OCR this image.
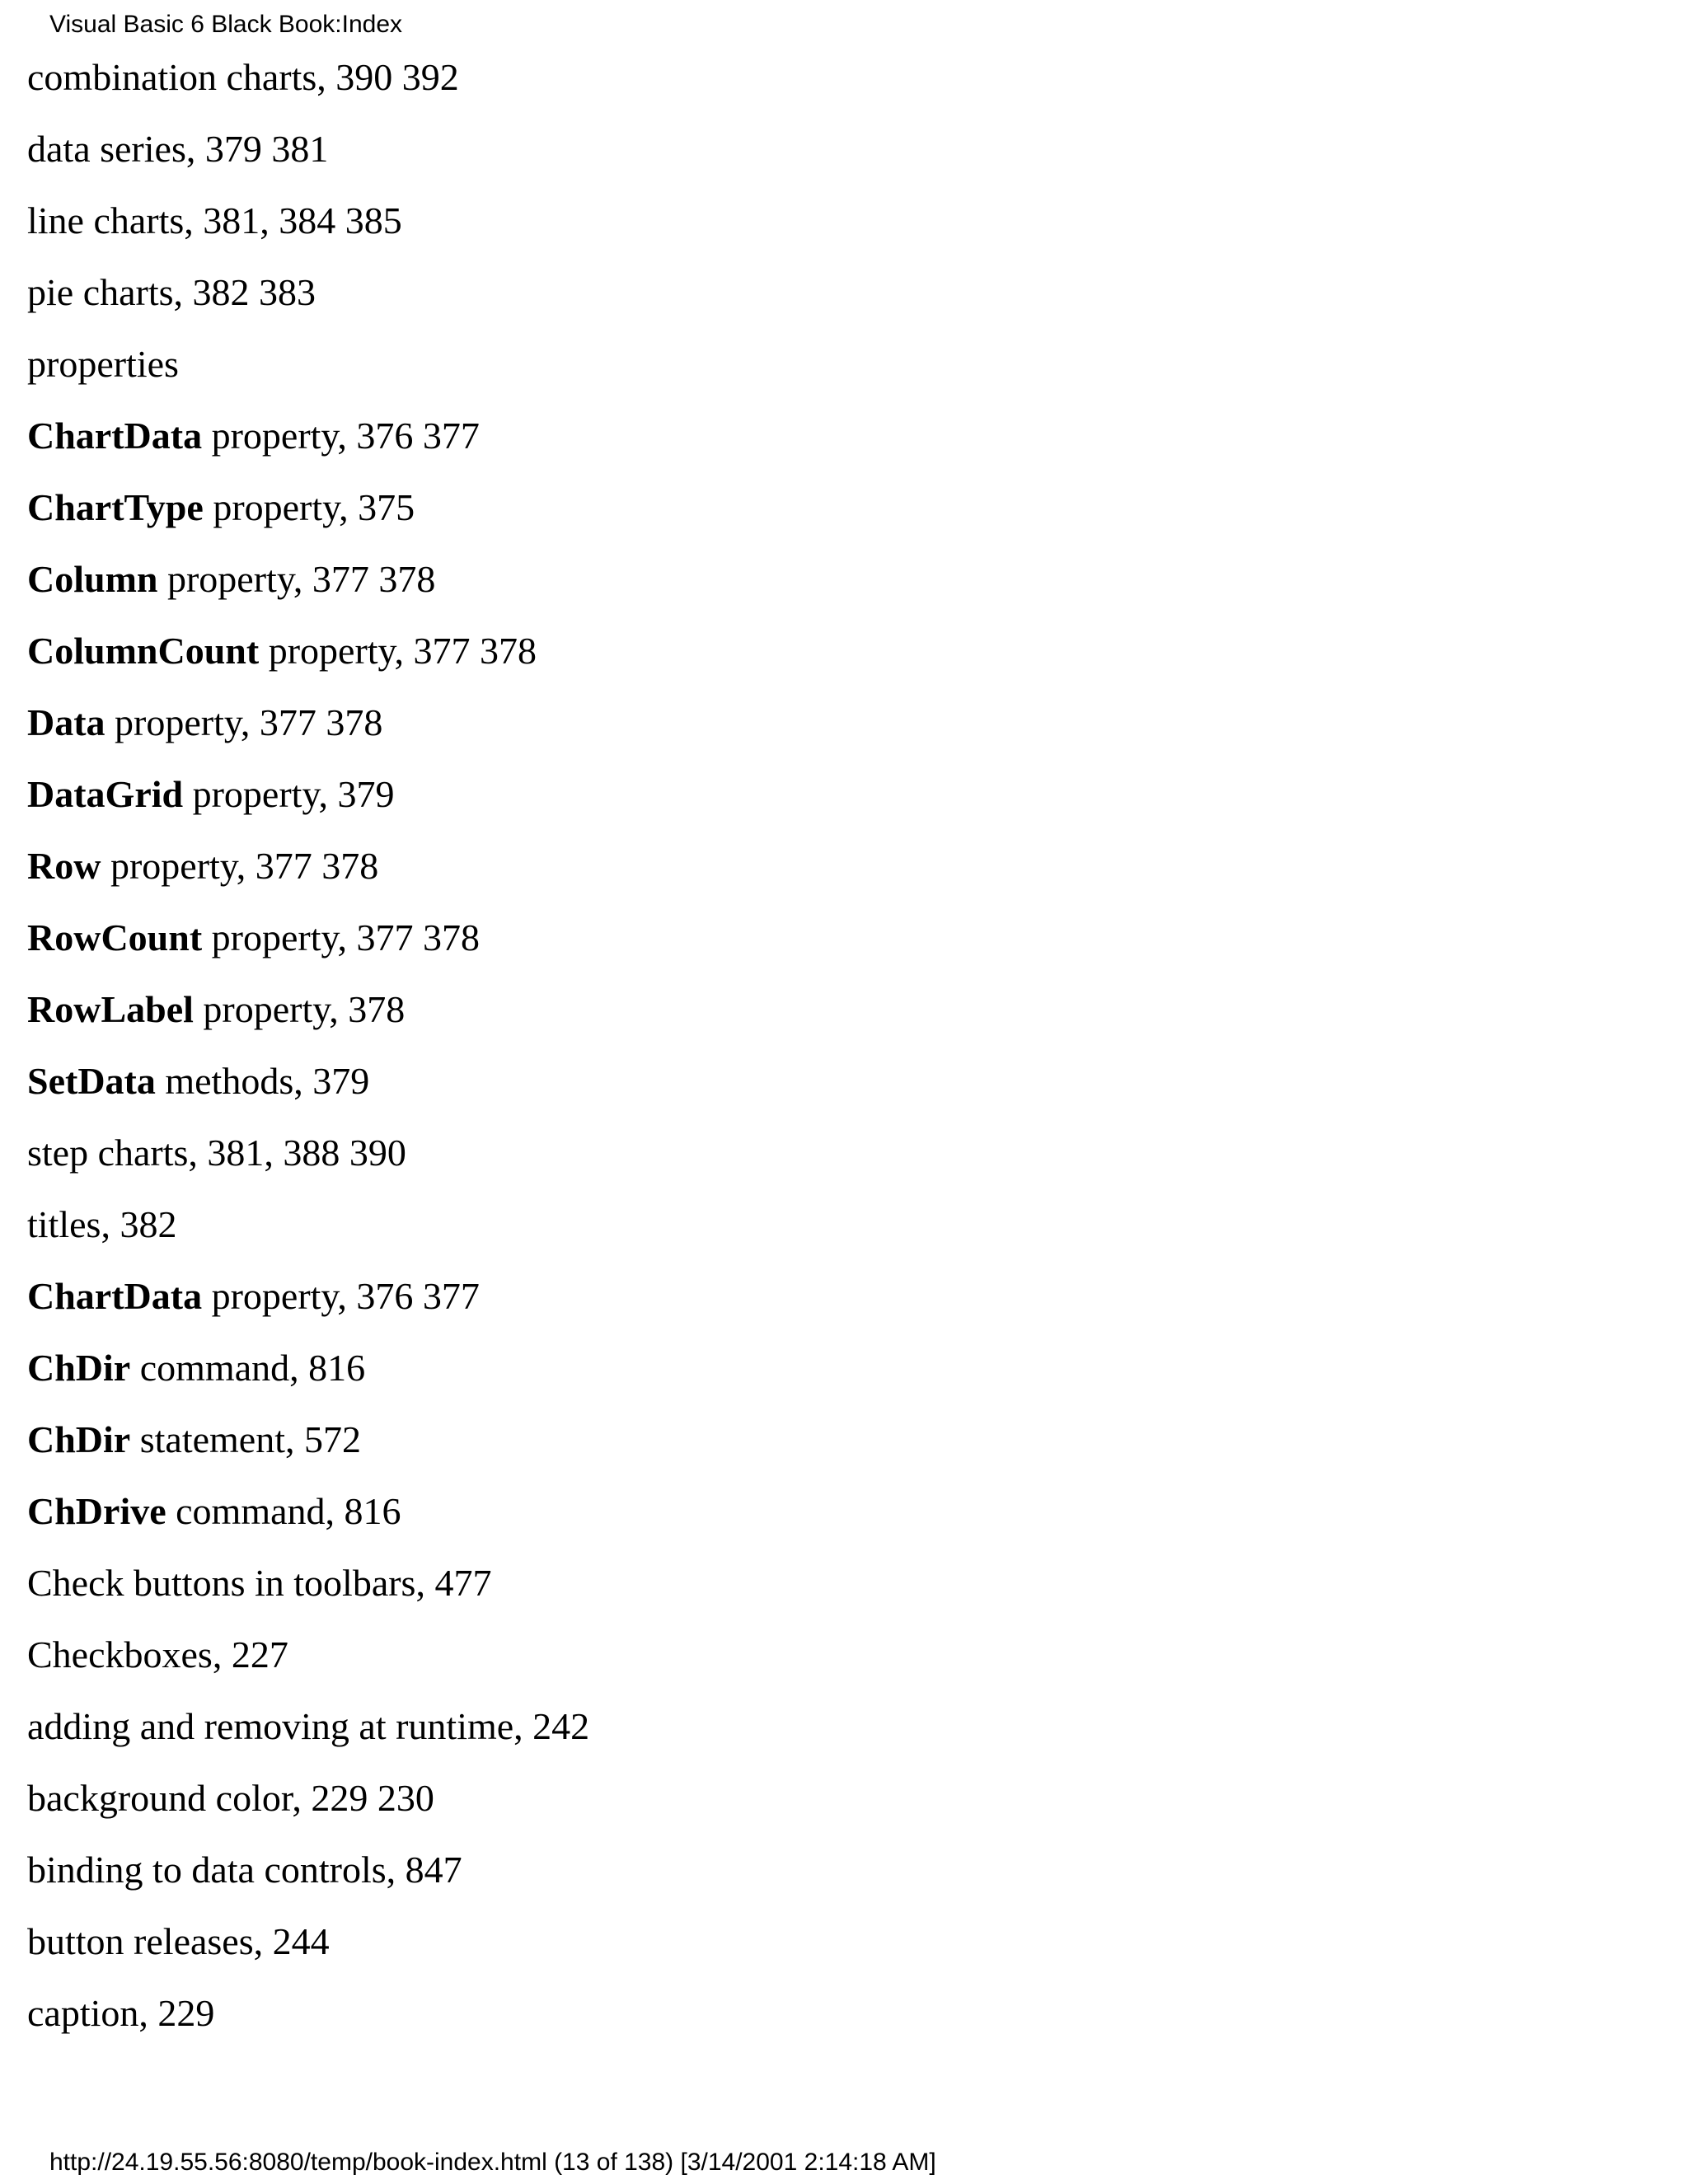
Visual Basic 6 Black Book:Index
combination charts, 390 392
data series, 379 381
line charts, 381, 384 385
pie charts, 382 383
properties
ChartData property, 376 377
ChartType property, 375
Column property, 377 378
ColumnCount property, 377 378
Data property, 377 378
DataGrid property, 379
Row property, 377 378
RowCount property, 377 378
RowLabel property, 378
SetData methods, 379
step charts, 381, 388 390
titles, 382
ChartData property, 376 377
ChDir command, 816
ChDir statement, 572
ChDrive command, 816
Check buttons in toolbars, 477
Checkboxes, 227
adding and removing at runtime, 242
background color, 229 230
binding to data controls, 847
button releases, 244
caption, 229
http://24.19.55.56:8080/temp/book-index.html (13 of 138) [3/14/2001 2:14:18 AM]
